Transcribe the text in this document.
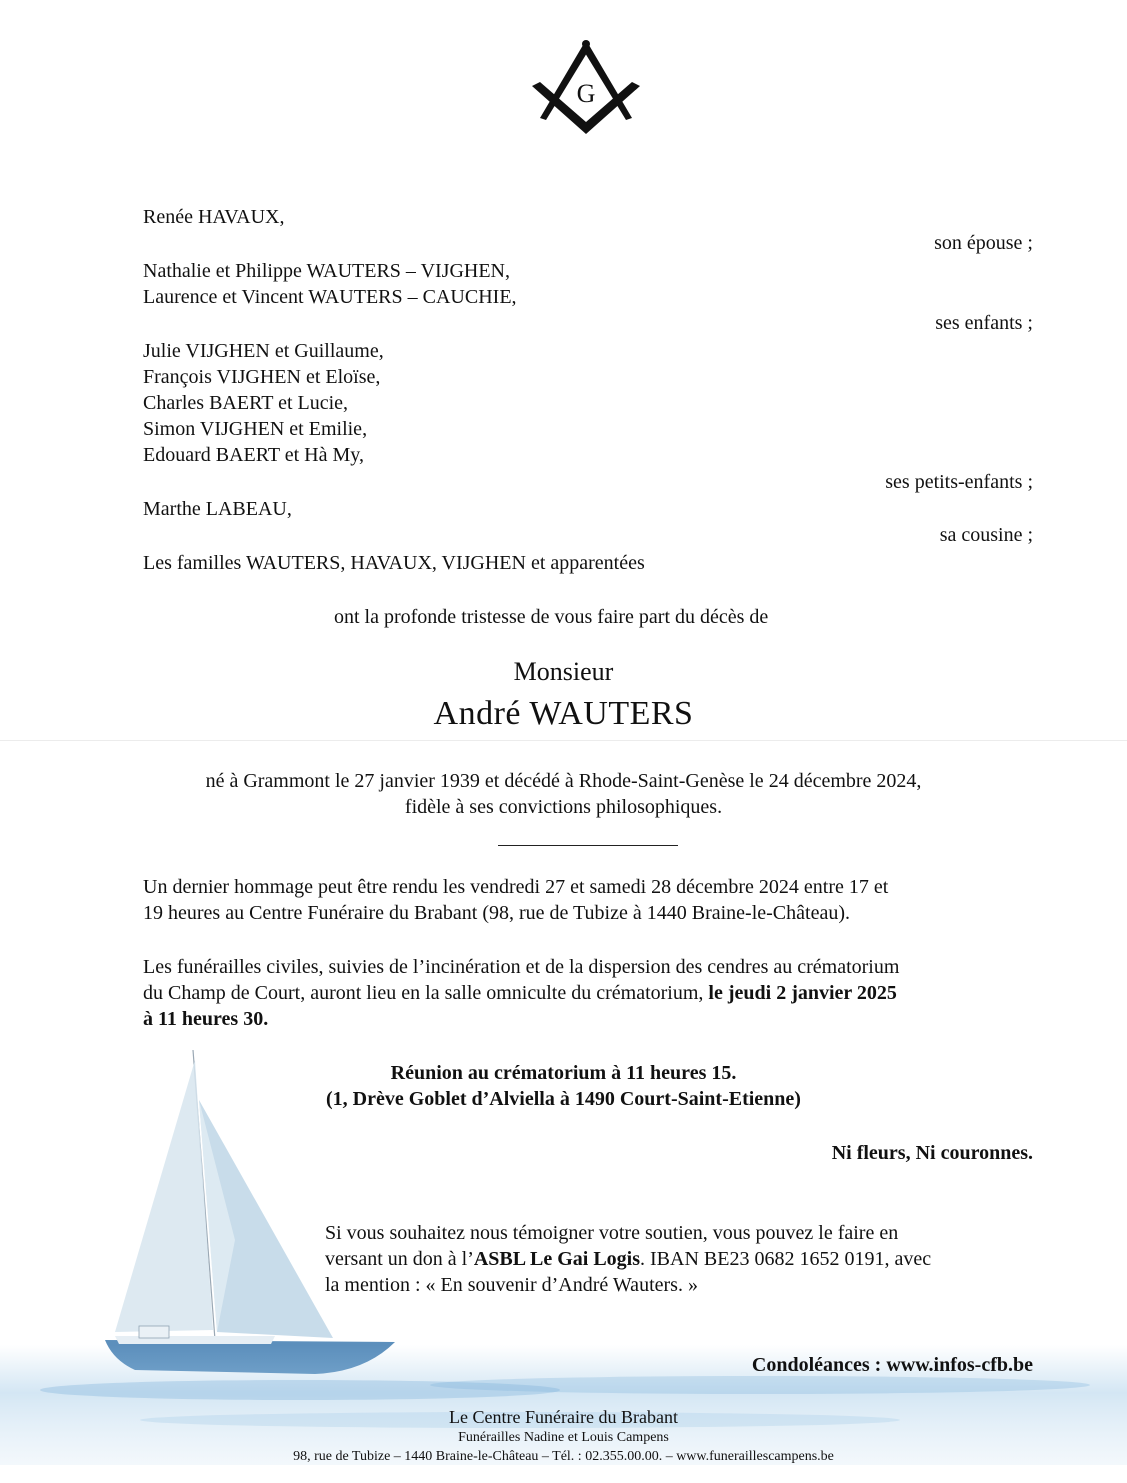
G
Renée HAVAUX,
son épouse ;
Nathalie et Philippe WAUTERS – VIJGHEN,
Laurence et Vincent WAUTERS – CAUCHIE,
ses enfants ;
Julie VIJGHEN et Guillaume,
François VIJGHEN et Eloïse,
Charles BAERT et Lucie,
Simon VIJGHEN et Emilie,
Edouard BAERT et Hà My,
ses petits-enfants ;
Marthe LABEAU,
sa cousine ;
Les familles WAUTERS, HAVAUX, VIJGHEN et apparentées
ont la profonde tristesse de vous faire part du décès de
Monsieur
André WAUTERS
né à Grammont le 27 janvier 1939 et décédé à Rhode-Saint-Genèse le 24 décembre 2024,
fidèle à ses convictions philosophiques.
Un dernier hommage peut être rendu les vendredi 27 et samedi 28 décembre 2024 entre 17 et
19 heures au Centre Funéraire du Brabant (98, rue de Tubize à 1440 Braine-le-Château).
Les funérailles civiles, suivies de l’incinération et de la dispersion des cendres au crématorium
du Champ de Court, auront lieu en la salle omniculte du crématorium, le jeudi 2 janvier 2025
à 11 heures 30.
Réunion au crématorium à 11 heures 15.
(1, Drève Goblet d’Alviella à 1490 Court-Saint-Etienne)
Ni fleurs, Ni couronnes.
Si vous souhaitez nous témoigner votre soutien, vous pouvez le faire en
versant un don à l’ASBL Le Gai Logis. IBAN BE23 0682 1652 0191, avec
la mention : « En souvenir d’André Wauters. »
Condoléances : www.infos-cfb.be
Le Centre Funéraire du Brabant
Funérailles Nadine et Louis Campens
98, rue de Tubize – 1440 Braine-le-Château – Tél. : 02.355.00.00. – www.funeraillescampens.be
